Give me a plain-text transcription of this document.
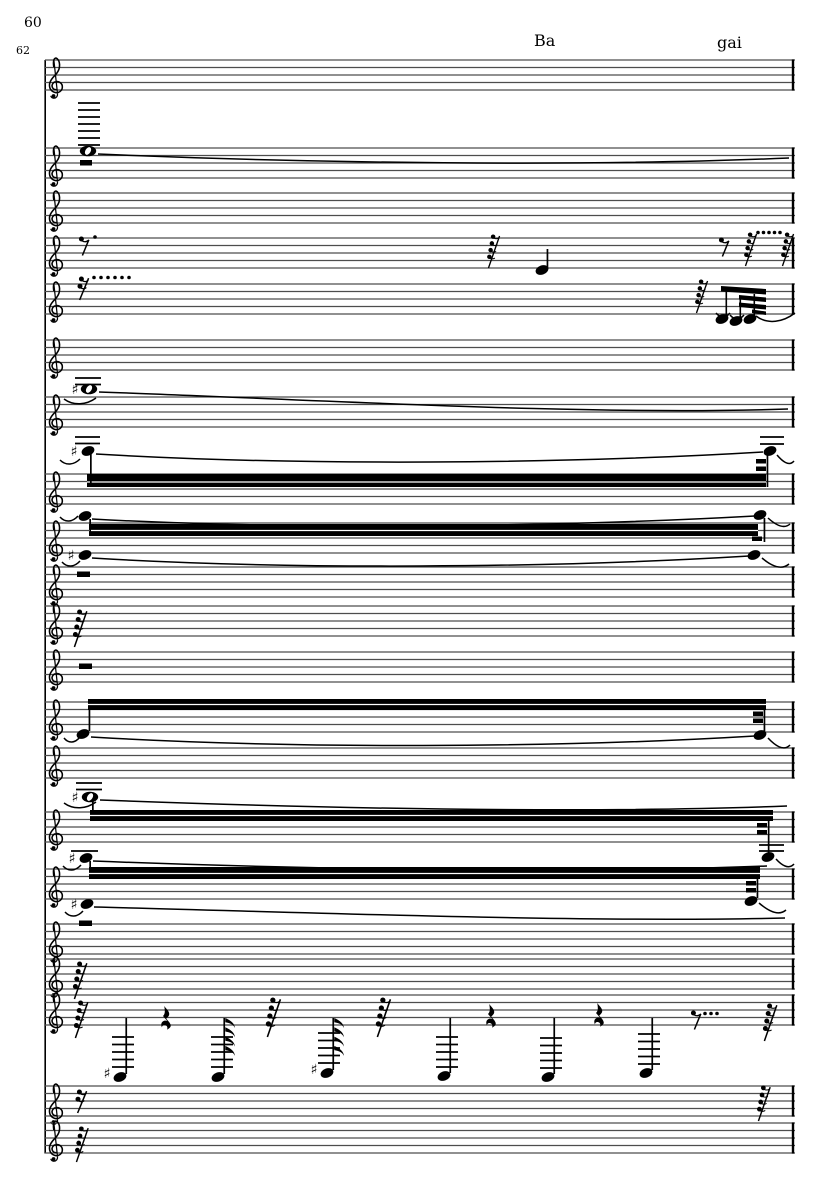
60
62
Ba	gai
♯
♯
♯
♯
♯
♯
♯	♯
